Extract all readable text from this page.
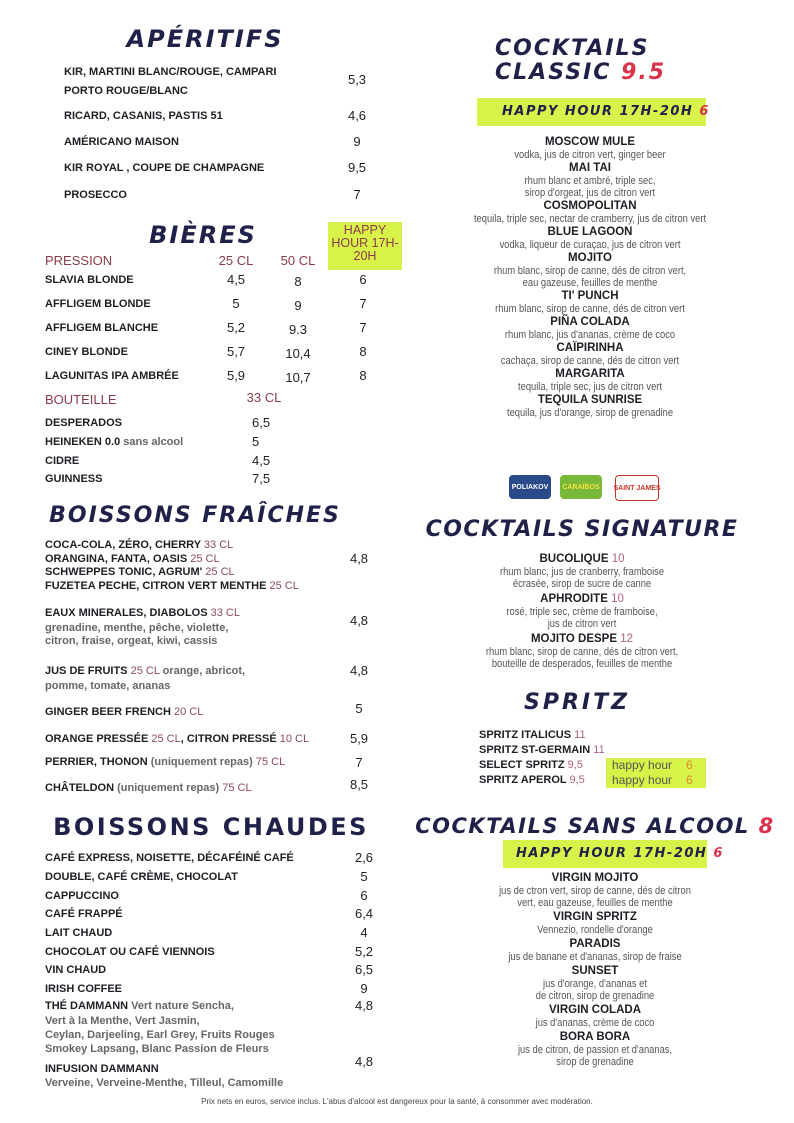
APÉRITIFS
KIR, MARTINI BLANC/ROUGE, CAMPARI
PORTO ROUGE/BLANC
5,3
RICARD, CASANIS, PASTIS 51	4,6
AMÉRICANO MAISON	9
KIR ROYAL , COUPE DE CHAMPAGNE	9,5
PROSECCO	7
BIÈRES	HAPPY HOUR 17H-20H
PRESSION	25 CL 50 CL
SLAVIA BLONDE	4,5	8	6
AFFLIGEM BLONDE	5	9	7
AFFLIGEM BLANCHE	5,2	9.3	7
CINEY BLONDE	5,7	10,4	8
LAGUNITAS IPA AMBRÉE	5,9	10,7	8
BOUTEILLE	33 CL
DESPERADOS	6,5
HEINEKEN 0.0 sans alcool	5
CIDRE	4,5
GUINNESS	7,5
BOISSONS FRAÎCHES
COCA-COLA, ZÉRO, CHERRY 33 CL
ORANGINA, FANTA, OASIS 25 CL	4,8
SCHWEPPES TONIC, AGRUM' 25 CL
FUZETEA PECHE, CITRON VERT MENTHE 25 CL
EAUX MINERALES, DIABOLOS 33 CL	4,8
grenadine, menthe, pêche, violette,
citron, fraise, orgeat, kiwi, cassis
JUS DE FRUITS 25 CL orange, abricot,	4,8
pomme, tomate, ananas
GINGER BEER FRENCH 20 CL	5
ORANGE PRESSÉE 25 CL, CITRON PRESSÉ 10 CL	5,9
PERRIER, THONON (uniquement repas) 75 CL	7
CHÂTELDON (uniquement repas) 75 CL	8,5
BOISSONS CHAUDES
CAFÉ EXPRESS, NOISETTE, DÉCAFÉINÉ CAFÉ	2,6
DOUBLE, CAFÉ CRÈME, CHOCOLAT	5
CAPPUCCINO	6
CAFÉ FRAPPÉ	6,4
LAIT CHAUD	4
CHOCOLAT OU CAFÉ VIENNOIS	5,2
VIN CHAUD	6,5
IRISH COFFEE	9
THÉ DAMMANN Vert nature Sencha,	4,8
Vert à la Menthe, Vert Jasmin,
Ceylan, Darjeeling, Earl Grey, Fruits Rouges
Smokey Lapsang, Blanc Passion de Fleurs
INFUSION DAMMANN	4,8
Verveine, Verveine-Menthe, Tilleul, Camomille
COCKTAILS
CLASSIC 9.5
HAPPY HOUR 17H-20H 6
MOSCOW MULE
vodka, jus de citron vert, ginger beer
MAI TAI
rhum blanc et ambré, triple sec,
sirop d'orgeat, jus de citron vert
COSMOPOLITAN
tequila, triple sec, nectar de cramberry, jus de citron vert
BLUE LAGOON
vodka, liqueur de curaçao, jus de citron vert
MOJITO
rhum blanc, sirop de canne, dés de citron vert,
eau gazeuse, feuilles de menthe
TI' PUNCH
rhum blanc, sirop de canne, dés de citron vert
PIÑA COLADA
rhum blanc, jus d'ananas, crème de coco
CAÏPIRINHA
cachaça, sirop de canne, dés de citron vert
MARGARITA
tequila, triple sec, jus de citron vert
TEQUILA SUNRISE
tequila, jus d'orange, sirop de grenadine
POLIAKOV	CARAÏBOS	SAINT JAMES
COCKTAILS SIGNATURE
BUCOLIQUE 10
rhum blanc, jus de cranberry, framboise
écrasée, sirop de sucre de canne
APHRODITE 10
rosé, triple sec, crème de framboise,
jus de citron vert
MOJITO DESPE 12
rhum blanc, sirop de canne, dés de citron vert,
bouteille de desperados, feuilles de menthe
SPRITZ
SPRITZ ITALICUS 11
SPRITZ ST-GERMAIN 11
SELECT SPRITZ 9,5 happy hour 6
SPRITZ APEROL 9,5 happy hour 6
COCKTAILS SANS ALCOOL 8
HAPPY HOUR 17H-20H 6
VIRGIN MOJITO
jus de ctron vert, sirop de canne, dés de citron
vert, eau gazeuse, feuilles de menthe
VIRGIN SPRITZ
Vennezio, rondelle d'orange
PARADIS
jus de banane et d'ananas, sirop de fraise
SUNSET
jus d'orange, d'ananas et
de citron, sirop de grenadine
VIRGIN COLADA
jus d'ananas, crème de coco
BORA BORA
jus de citron, de passion et d'ananas,
sirop de grenadine
Prix nets en euros, service inclus. L'abus d'alcool est dangereux pour la santé, à consommer avec modération.
